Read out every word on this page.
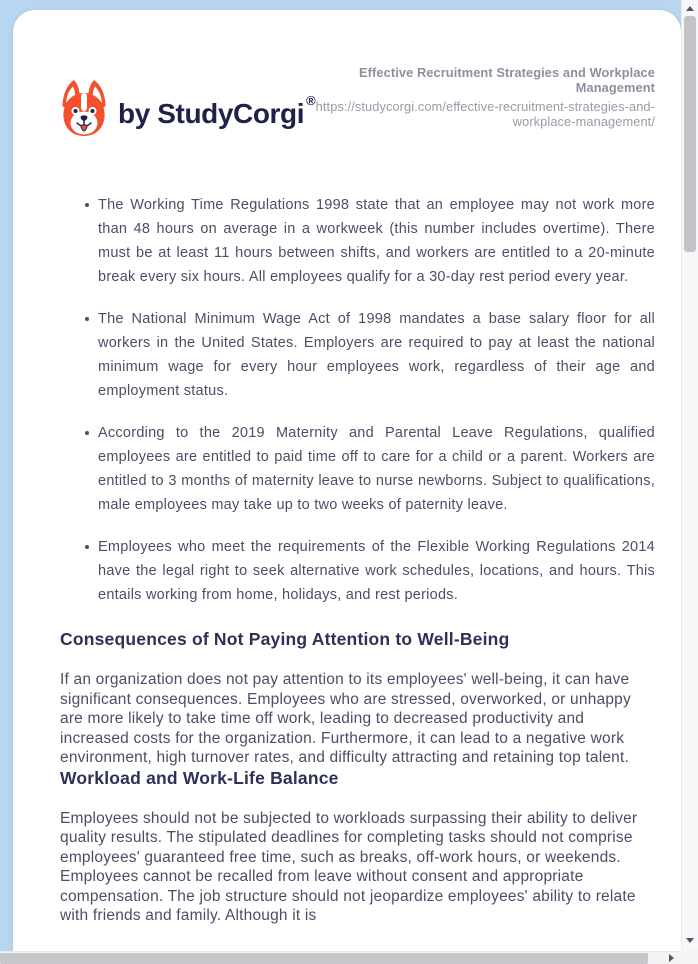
by StudyCorgi ®
Effective Recruitment Strategies and Workplace Management
https://studycorgi.com/effective-recruitment-strategies-and-workplace-management/
The Working Time Regulations 1998 state that an employee may not work more than 48 hours on average in a workweek (this number includes overtime). There must be at least 11 hours between shifts, and workers are entitled to a 20-minute break every six hours. All employees qualify for a 30-day rest period every year.
The National Minimum Wage Act of 1998 mandates a base salary floor for all workers in the United States. Employers are required to pay at least the national minimum wage for every hour employees work, regardless of their age and employment status.
According to the 2019 Maternity and Parental Leave Regulations, qualified employees are entitled to paid time off to care for a child or a parent. Workers are entitled to 3 months of maternity leave to nurse newborns. Subject to qualifications, male employees may take up to two weeks of paternity leave.
Employees who meet the requirements of the Flexible Working Regulations 2014 have the legal right to seek alternative work schedules, locations, and hours. This entails working from home, holidays, and rest periods.
Consequences of Not Paying Attention to Well-Being

If an organization does not pay attention to its employees' well-being, it can have significant consequences. Employees who are stressed, overworked, or unhappy are more likely to take time off work, leading to decreased productivity and increased costs for the organization. Furthermore, it can lead to a negative work environment, high turnover rates, and difficulty attracting and retaining top talent.

Workload and Work-Life Balance

Employees should not be subjected to workloads surpassing their ability to deliver quality results. The stipulated deadlines for completing tasks should not comprise employees' guaranteed free time, such as breaks, off-work hours, or weekends. Employees cannot be recalled from leave without consent and appropriate compensation. The job structure should not jeopardize employees' ability to relate with friends and family. Although it is
